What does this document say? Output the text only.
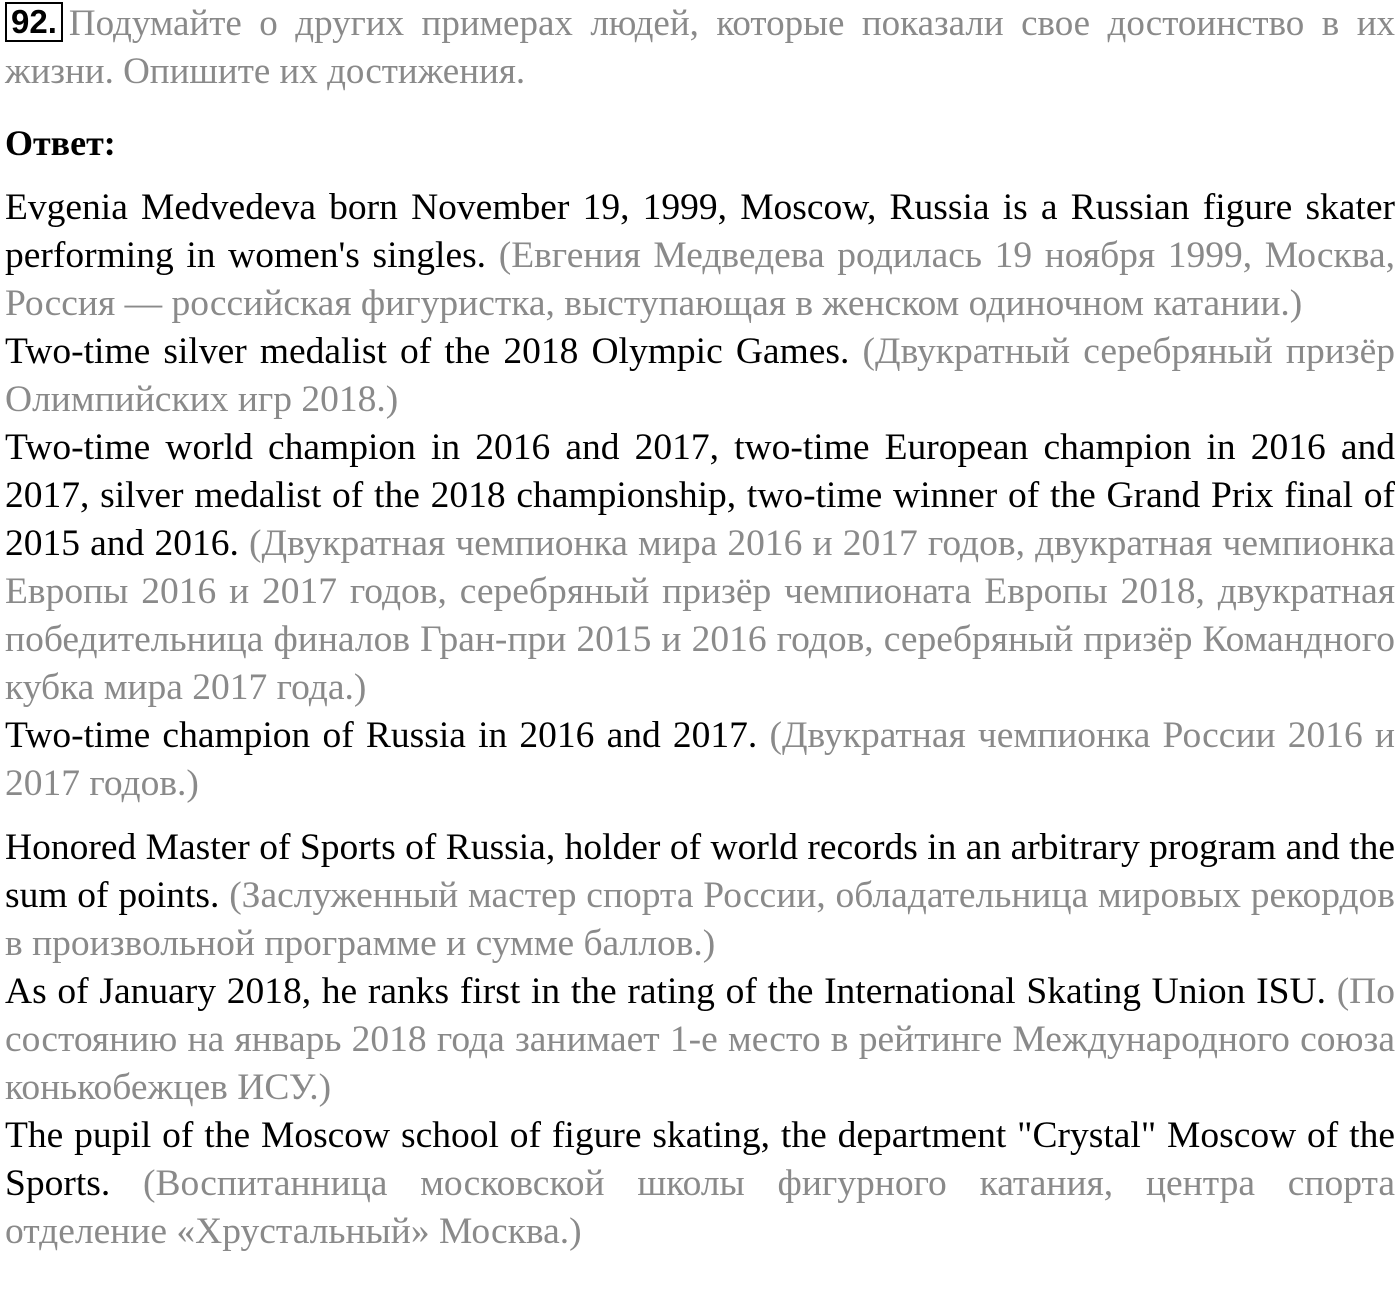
92. Подумайте о других примерах людей, которые показали свое достоинство в их жизни. Опишите их достижения.

Ответ:

Evgenia Medvedeva born November 19, 1999, Moscow, Russia is a Russian figure skater performing in women's singles. (Евгения Медведева родилась 19 ноября 1999, Москва, Россия — российская фигуристка, выступающая в женском одиночном катании.)

Two-time silver medalist of the 2018 Olympic Games. (Двукратный серебряный призёр Олимпийских игр 2018.)

Two-time world champion in 2016 and 2017, two-time European champion in 2016 and 2017, silver medalist of the 2018 championship, two-time winner of the Grand Prix final of 2015 and 2016. (Двукратная чемпионка мира 2016 и 2017 годов, двукратная чемпионка Европы 2016 и 2017 годов, серебряный призёр чемпионата Европы 2018, двукратная победительница финалов Гран-при 2015 и 2016 годов, серебряный призёр Командного кубка мира 2017 года.)

Two-time champion of Russia in 2016 and 2017. (Двукратная чемпионка России 2016 и 2017 годов.)

Honored Master of Sports of Russia, holder of world records in an arbitrary program and the sum of points. (Заслуженный мастер спорта России, обладательница мировых рекордов в произвольной программе и сумме баллов.)

As of January 2018, he ranks first in the rating of the International Skating Union ISU. (По состоянию на январь 2018 года занимает 1-е место в рейтинге Международного союза конькобежцев ИСУ.)

The pupil of the Moscow school of figure skating, the department "Crystal" Moscow of the Sports. (Воспитанница московской школы фигурного катания, центра спорта отделение «Хрустальный» Москва.)
